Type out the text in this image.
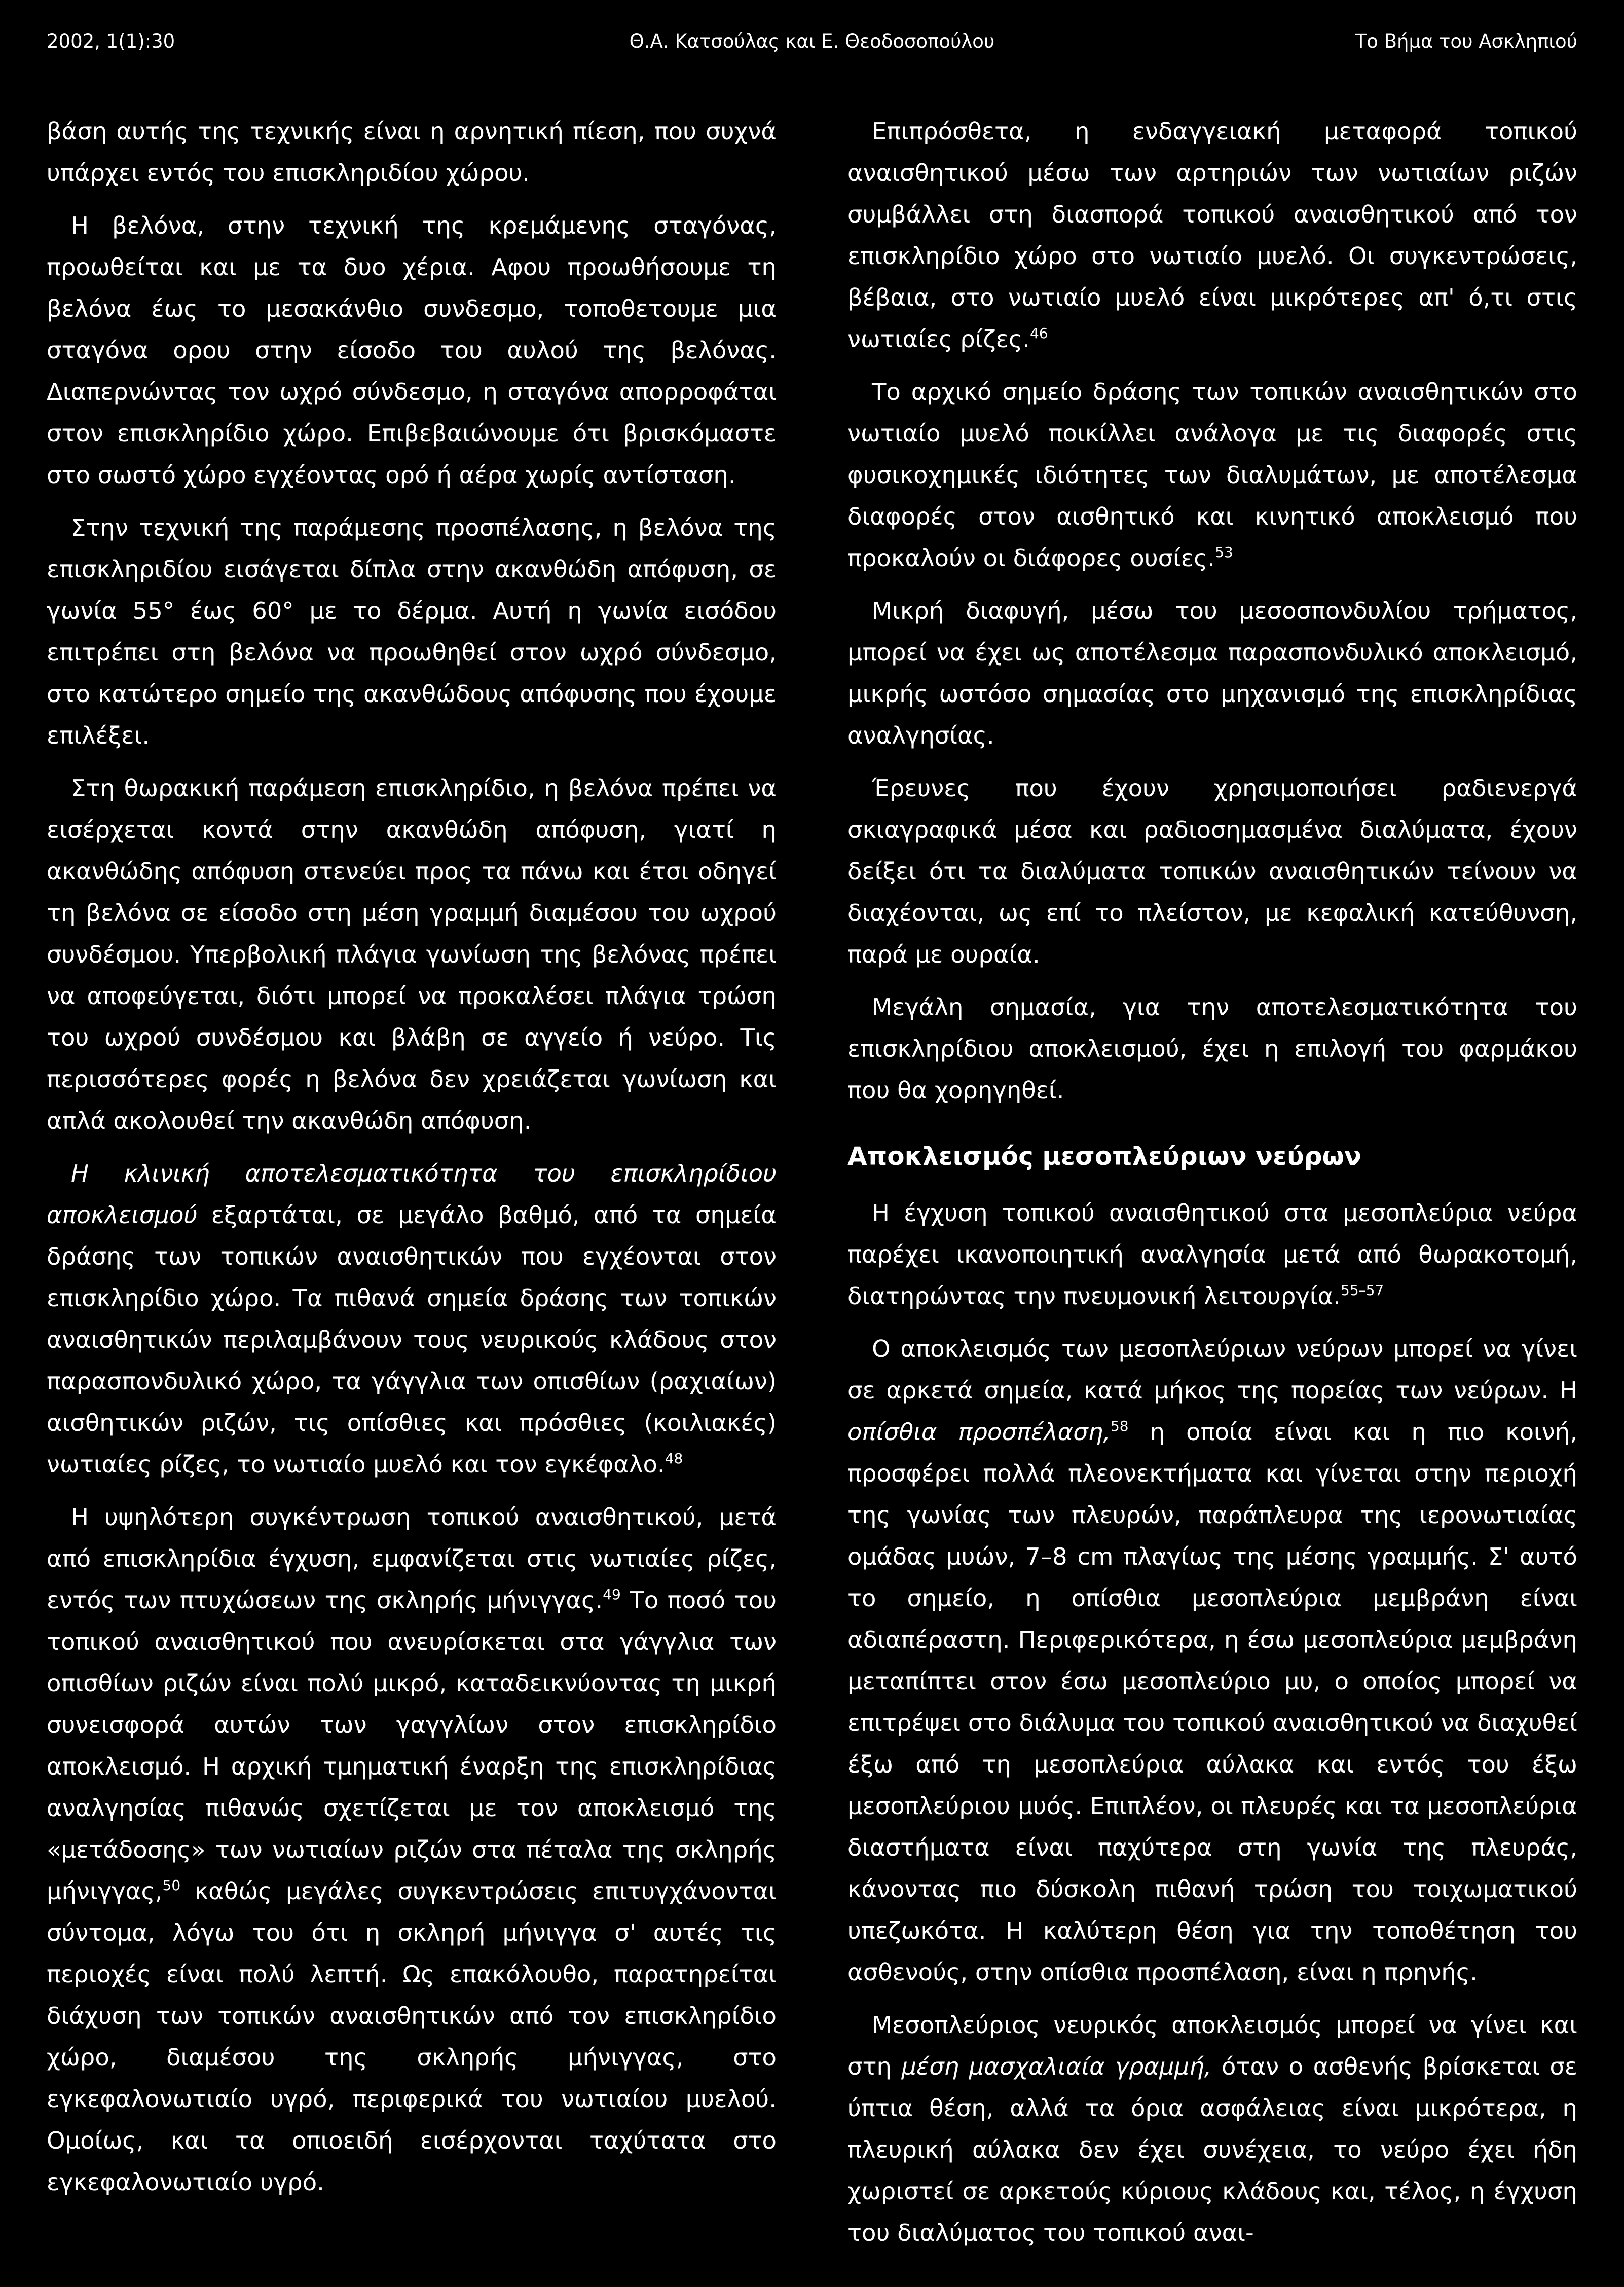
2002, 1(1):30	Θ.Α. Κατσούλας και Ε. Θεοδοσοπούλου	Το Βήμα του Ασκληπιού

βάση αυτής της τεχνικής είναι η αρνητική πίεση, που συχνά υπάρχει εντός του επισκληριδίου χώρου.

Η βελόνα, στην τεχνική της κρεμάμενης σταγόνας, προωθείται και με τα δυο χέρια. Αφου προωθήσουμε τη βελόνα έως το μεσακάνθιο συνδεσμο, τοποθετουμε μια σταγόνα ορου στην είσοδο του αυλού της βελόνας. Διαπερνώντας τον ωχρό σύνδεσμο, η σταγόνα απορροφάται στον επισκληρίδιο χώρο. Επιβεβαιώνουμε ότι βρισκόμαστε στο σωστό χώρο εγχέοντας ορό ή αέρα χωρίς αντίσταση.

Στην τεχνική της παράμεσης προσπέλασης, η βελόνα της επισκληριδίου εισάγεται δίπλα στην ακανθώδη απόφυση, σε γωνία 55° έως 60° με το δέρμα. Αυτή η γωνία εισόδου επιτρέπει στη βελόνα να προωθηθεί στον ωχρό σύνδεσμο, στο κατώτερο σημείο της ακανθώδους απόφυσης που έχουμε επιλέξει.

Στη θωρακική παράμεση επισκληρίδιο, η βελόνα πρέπει να εισέρχεται κοντά στην ακανθώδη απόφυση, γιατί η ακανθώδης απόφυση στενεύει προς τα πάνω και έτσι οδηγεί τη βελόνα σε είσοδο στη μέση γραμμή διαμέσου του ωχρού συνδέσμου. Υπερβολική πλάγια γωνίωση της βελόνας πρέπει να αποφεύγεται, διότι μπορεί να προκαλέσει πλάγια τρώση του ωχρού συνδέσμου και βλάβη σε αγγείο ή νεύρο. Τις περισσότερες φορές η βελόνα δεν χρειάζεται γωνίωση και απλά ακολουθεί την ακανθώδη απόφυση.

Η κλινική αποτελεσματικότητα του επισκληρίδιου αποκλεισμού εξαρτάται, σε μεγάλο βαθμό, από τα σημεία δράσης των τοπικών αναισθητικών που εγχέονται στον επισκληρίδιο χώρο. Τα πιθανά σημεία δράσης των τοπικών αναισθητικών περιλαμβάνουν τους νευρικούς κλάδους στον παρασπονδυλικό χώρο, τα γάγγλια των οπισθίων (ραχιαίων) αισθητικών ριζών, τις οπίσθιες και πρόσθιες (κοιλιακές) νωτιαίες ρίζες, το νωτιαίο μυελό και τον εγκέφαλο.$^{48}$

Η υψηλότερη συγκέντρωση τοπικού αναισθητικού, μετά από επισκληρίδια έγχυση, εμφανίζεται στις νωτιαίες ρίζες, εντός των πτυχώσεων της σκληρής μήνιγγας.$^{49}$ Το ποσό του τοπικού αναισθητικού που ανευρίσκεται στα γάγγλια των οπισθίων ριζών είναι πολύ μικρό, καταδεικνύοντας τη μικρή συνεισφορά αυτών των γαγγλίων στον επισκληρίδιο αποκλεισμό. Η αρχική τμηματική έναρξη της επισκληρίδιας αναλγησίας πιθανώς σχετίζεται με τον αποκλεισμό της «μετάδοσης» των νωτιαίων ριζών στα πέταλα της σκληρής μήνιγγας,$^{50}$ καθώς μεγάλες συγκεντρώσεις επιτυγχάνονται σύντομα, λόγω του ότι η σκληρή μήνιγγα σ' αυτές τις περιοχές είναι πολύ λεπτή. Ως επακόλουθο, παρατηρείται διάχυση των τοπικών αναισθητικών από τον επισκληρίδιο χώρο, διαμέσου της σκληρής μήνιγγας, στο εγκεφαλονωτιαίο υγρό, περιφερικά του νωτιαίου μυελού. Ομοίως, και τα οπιοειδή εισέρχονται ταχύτατα στο εγκεφαλονωτιαίο υγρό.

Επιπρόσθετα, η ενδαγγειακή μεταφορά τοπικού αναισθητικού μέσω των αρτηριών των νωτιαίων ριζών συμβάλλει στη διασπορά τοπικού αναισθητικού από τον επισκληρίδιο χώρο στο νωτιαίο μυελό. Οι συγκεντρώσεις, βέβαια, στο νωτιαίο μυελό είναι μικρότερες απ' ό,τι στις νωτιαίες ρίζες.$^{46}$

Το αρχικό σημείο δράσης των τοπικών αναισθητικών στο νωτιαίο μυελό ποικίλλει ανάλογα με τις διαφορές στις φυσικοχημικές ιδιότητες των διαλυμάτων, με αποτέλεσμα διαφορές στον αισθητικό και κινητικό αποκλεισμό που προκαλούν οι διάφορες ουσίες.$^{53}$

Μικρή διαφυγή, μέσω του μεσοσπονδυλίου τρήματος, μπορεί να έχει ως αποτέλεσμα παρασπονδυλικό αποκλεισμό, μικρής ωστόσο σημασίας στο μηχανισμό της επισκληρίδιας αναλγησίας.

Έρευνες που έχουν χρησιμοποιήσει ραδιενεργά σκιαγραφικά μέσα και ραδιοσημασμένα διαλύματα, έχουν δείξει ότι τα διαλύματα τοπικών αναισθητικών τείνουν να διαχέονται, ως επί το πλείστον, με κεφαλική κατεύθυνση, παρά με ουραία.

Μεγάλη σημασία, για την αποτελεσματικότητα του επισκληρίδιου αποκλεισμού, έχει η επιλογή του φαρμάκου που θα χορηγηθεί.

Αποκλεισμός μεσοπλεύριων νεύρων

Η έγχυση τοπικού αναισθητικού στα μεσοπλεύρια νεύρα παρέχει ικανοποιητική αναλγησία μετά από θωρακοτομή, διατηρώντας την πνευμονική λειτουργία.$^{55-57}$

Ο αποκλεισμός των μεσοπλεύριων νεύρων μπορεί να γίνει σε αρκετά σημεία, κατά μήκος της πορείας των νεύρων. Η οπίσθια προσπέλαση,$^{58}$ η οποία είναι και η πιο κοινή, προσφέρει πολλά πλεονεκτήματα και γίνεται στην περιοχή της γωνίας των πλευρών, παράπλευρα της ιερονωτιαίας ομάδας μυών, 7–8 cm πλαγίως της μέσης γραμμής. Σ' αυτό το σημείο, η οπίσθια μεσοπλεύρια μεμβράνη είναι αδιαπέραστη. Περιφερικότερα, η έσω μεσοπλεύρια μεμβράνη μεταπίπτει στον έσω μεσοπλεύριο μυ, ο οποίος μπορεί να επιτρέψει στο διάλυμα του τοπικού αναισθητικού να διαχυθεί έξω από τη μεσοπλεύρια αύλακα και εντός του έξω μεσοπλεύριου μυός. Επιπλέον, οι πλευρές και τα μεσοπλεύρια διαστήματα είναι παχύτερα στη γωνία της πλευράς, κάνοντας πιο δύσκολη πιθανή τρώση του τοιχωματικού υπεζωκότα. Η καλύτερη θέση για την τοποθέτηση του ασθενούς, στην οπίσθια προσπέλαση, είναι η πρηνής.

Μεσοπλεύριος νευρικός αποκλεισμός μπορεί να γίνει και στη μέση μασχαλιαία γραμμή, όταν ο ασθενής βρίσκεται σε ύπτια θέση, αλλά τα όρια ασφάλειας είναι μικρότερα, η πλευρική αύλακα δεν έχει συνέχεια, το νεύρο έχει ήδη χωριστεί σε αρκετούς κύριους κλάδους και, τέλος, η έγχυση του διαλύματος του τοπικού αναι-
